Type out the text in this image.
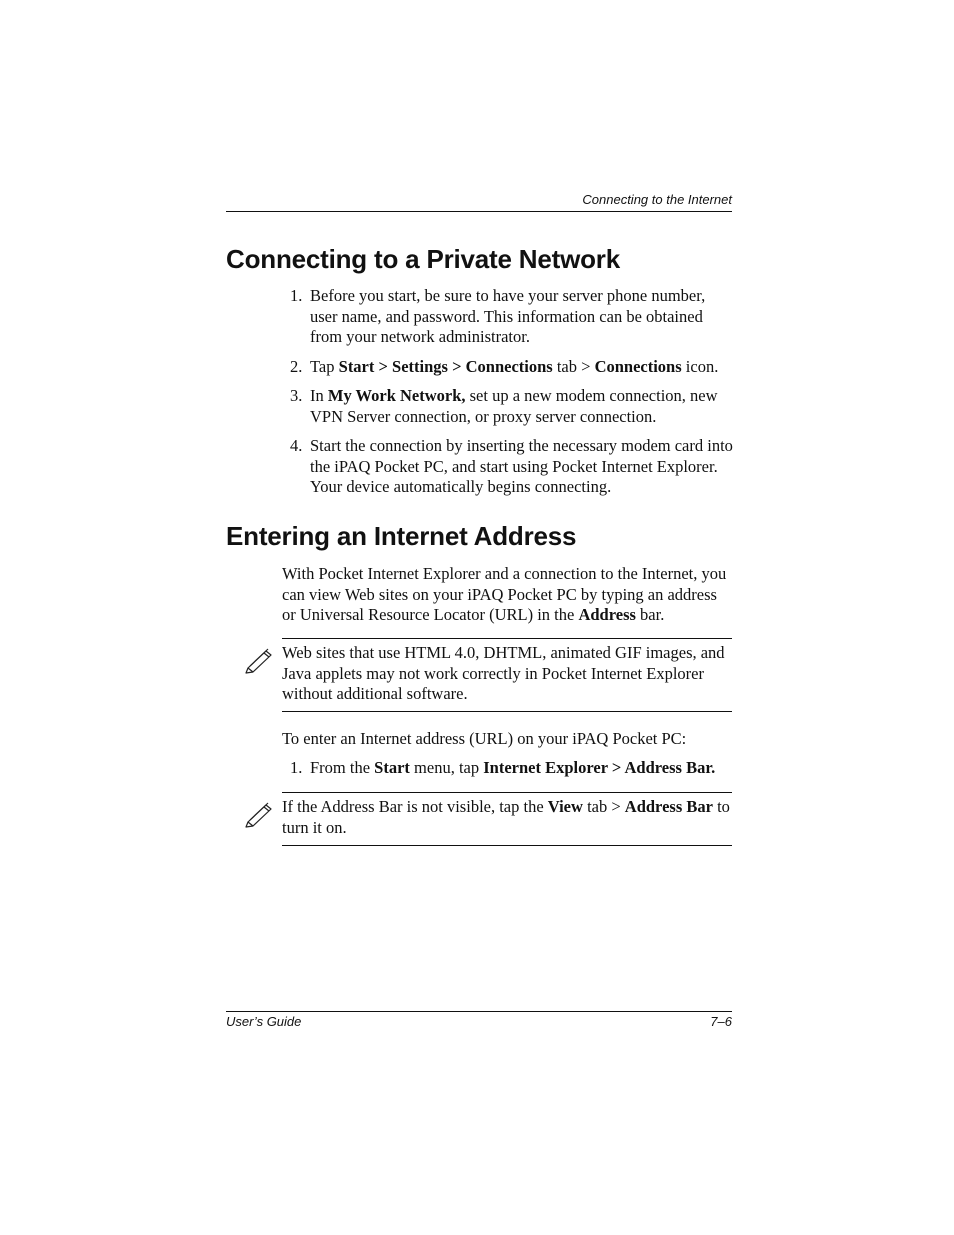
Connecting to the Internet
Connecting to a Private Network
1. Before you start, be sure to have your server phone number, user name, and password. This information can be obtained from your network administrator.
2. Tap Start > Settings > Connections tab > Connections icon.
3. In My Work Network, set up a new modem connection, new VPN Server connection, or proxy server connection.
4. Start the connection by inserting the necessary modem card into the iPAQ Pocket PC, and start using Pocket Internet Explorer. Your device automatically begins connecting.
Entering an Internet Address
With Pocket Internet Explorer and a connection to the Internet, you can view Web sites on your iPAQ Pocket PC by typing an address or Universal Resource Locator (URL) in the Address bar.
Web sites that use HTML 4.0, DHTML, animated GIF images, and Java applets may not work correctly in Pocket Internet Explorer without additional software.
To enter an Internet address (URL) on your iPAQ Pocket PC:
1. From the Start menu, tap Internet Explorer > Address Bar.
If the Address Bar is not visible, tap the View tab > Address Bar to turn it on.
User’s Guide	7–6
